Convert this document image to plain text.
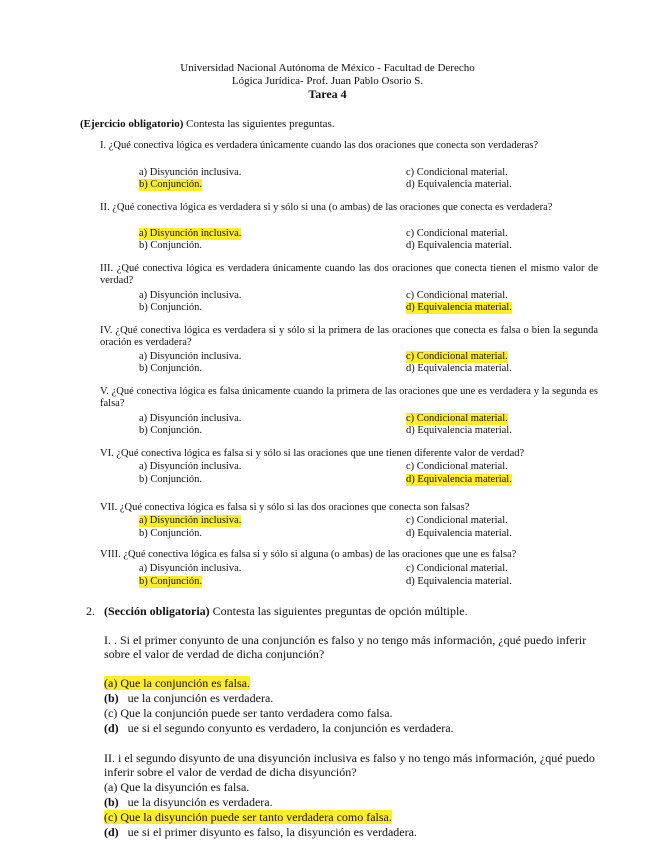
Universidad Nacional Autónoma de México - Facultad de Derecho
Lógica Jurídica- Prof. Juan Pablo Osorio S.
Tarea 4
(Ejercicio obligatorio) Contesta las siguientes preguntas.
I. ¿Qué conectiva lógica es verdadera únicamente cuando las dos oraciones que conecta son verdaderas?
a) Disyunción inclusiva.
b) Conjunción.
c) Condicional material.
d) Equivalencia material.
II. ¿Qué conectiva lógica es verdadera si y sólo si una (o ambas) de las oraciones que conecta es verdadera?
a) Disyunción inclusiva.
b) Conjunción.
c) Condicional material.
d) Equivalencia material.
III. ¿Qué conectiva lógica es verdadera únicamente cuando las dos oraciones que conecta tienen el mismo valor de verdad?
a) Disyunción inclusiva.
b) Conjunción.
c) Condicional material.
d) Equivalencia material.
IV. ¿Qué conectiva lógica es verdadera si y sólo si la primera de las oraciones que conecta es falsa o bien la segunda oración es verdadera?
a) Disyunción inclusiva.
b) Conjunción.
c) Condicional material.
d) Equivalencia material.
V. ¿Qué conectiva lógica es falsa únicamente cuando la primera de las oraciones que une es verdadera y la segunda es falsa?
a) Disyunción inclusiva.
b) Conjunción.
c) Condicional material.
d) Equivalencia material.
VI. ¿Qué conectiva lógica es falsa si y sólo si las oraciones que une tienen diferente valor de verdad?
a) Disyunción inclusiva.
b) Conjunción.
c) Condicional material.
d) Equivalencia material.
VII. ¿Qué conectiva lógica es falsa si y sólo si las dos oraciones que conecta son falsas?
a) Disyunción inclusiva.
b) Conjunción.
c) Condicional material.
d) Equivalencia material.
VIII. ¿Qué conectiva lógica es falsa si y sólo si alguna (o ambas) de las oraciones que une es falsa?
a) Disyunción inclusiva.
b) Conjunción.
c) Condicional material.
d) Equivalencia material.
2. (Sección obligatoria) Contesta las siguientes preguntas de opción múltiple.
I. . Si el primer conyunto de una conjunción es falso y no tengo más información, ¿qué puedo inferir sobre el valor de verdad de dicha conjunción?
(a) Que la conjunción es falsa.
(b) ue la conjunción es verdadera.
(c) Que la conjunción puede ser tanto verdadera como falsa.
(d) ue si el segundo conyunto es verdadero, la conjunción es verdadera.
II. i el segundo disyunto de una disyunción inclusiva es falso y no tengo más información, ¿qué puedo inferir sobre el valor de verdad de dicha disyunción?
(a) Que la disyunción es falsa.
(b) ue la disyunción es verdadera.
(c) Que la disyunción puede ser tanto verdadera como falsa.
(d) ue si el primer disyunto es falso, la disyunción es verdadera.
